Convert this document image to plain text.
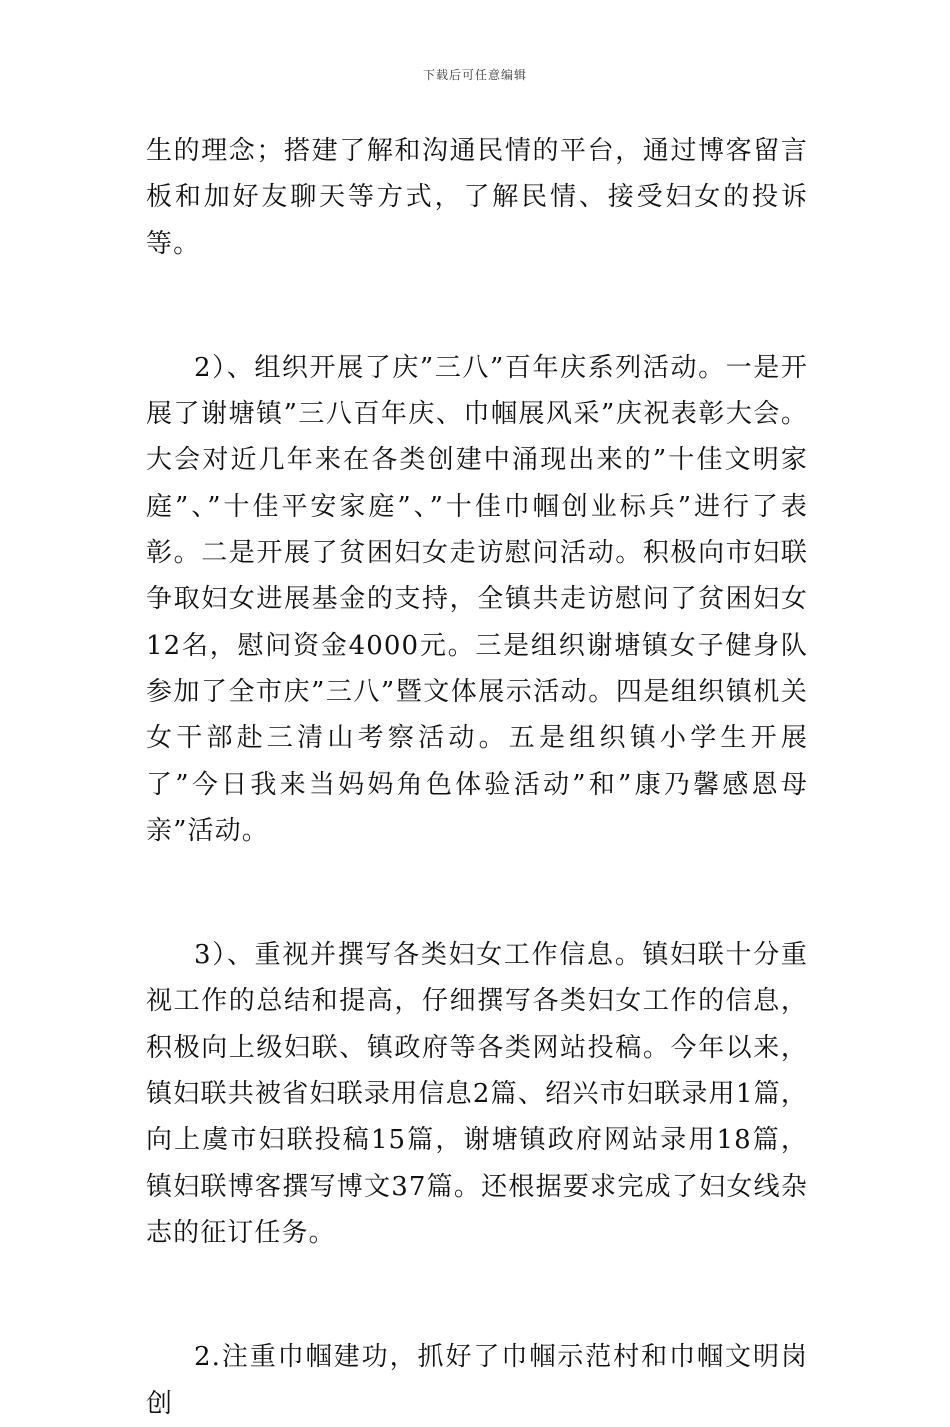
下载后可任意编辑

生的理念；搭建了解和沟通民情的平台，通过博客留言板和加好友聊天等方式，了解民情、接受妇女的投诉等。

2）、组织开展了庆”三八”百年庆系列活动。一是开展了谢塘镇”三八百年庆、巾帼展风采”庆祝表彰大会。大会对近几年来在各类创建中涌现出来的”十佳文明家庭”、”十佳平安家庭”、”十佳巾帼创业标兵”进行了表彰。二是开展了贫困妇女走访慰问活动。积极向市妇联争取妇女进展基金的支持，全镇共走访慰问了贫困妇女12名，慰问资金4000元。三是组织谢塘镇女子健身队参加了全市庆”三八”暨文体展示活动。四是组织镇机关女干部赴三清山考察活动。五是组织镇小学生开展了”今日我来当妈妈角色体验活动”和”康乃馨感恩母亲”活动。

3）、重视并撰写各类妇女工作信息。镇妇联十分重视工作的总结和提高，仔细撰写各类妇女工作的信息，积极向上级妇联、镇政府等各类网站投稿。今年以来，镇妇联共被省妇联录用信息2篇、绍兴市妇联录用1篇，向上虞市妇联投稿15篇，谢塘镇政府网站录用18篇，镇妇联博客撰写博文37篇。还根据要求完成了妇女线杂志的征订任务。

2.注重巾帼建功，抓好了巾帼示范村和巾帼文明岗创
